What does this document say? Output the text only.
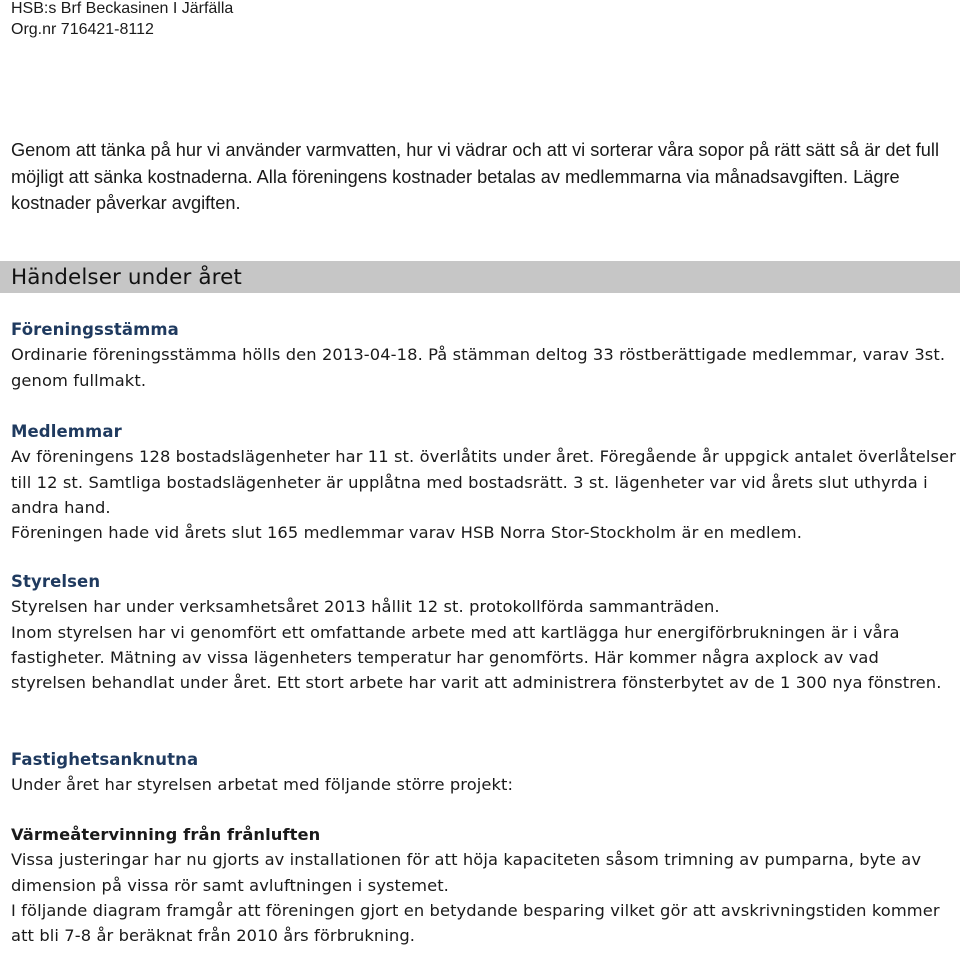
HSB:s Brf Beckasinen I Järfälla
Org.nr 716421-8112

Genom att tänka på hur vi använder varmvatten, hur vi vädrar och att vi sorterar våra sopor på rätt sätt så är det full möjligt att sänka kostnaderna. Alla föreningens kostnader betalas av medlemmarna via månadsavgiften. Lägre kostnader påverkar avgiften.

Händelser under året
Föreningsstämma

Ordinarie föreningsstämma hölls den 2013-04-18. På stämman deltog 33 röstberättigade medlemmar, varav 3st. genom fullmakt.

Medlemmar

Av föreningens 128 bostadslägenheter har 11 st. överlåtits under året. Föregående år uppgick antalet överlåtelser till 12 st. Samtliga bostadslägenheter är upplåtna med bostadsrätt. 3 st. lägenheter var vid årets slut uthyrda i andra hand.

Föreningen hade vid årets slut 165 medlemmar varav HSB Norra Stor-Stockholm är en medlem.

Styrelsen

Styrelsen har under verksamhetsåret 2013 hållit 12 st. protokollförda sammanträden.

Inom styrelsen har vi genomfört ett omfattande arbete med att kartlägga hur energiförbrukningen är i våra fastigheter. Mätning av vissa lägenheters temperatur har genomförts. Här kommer några axplock av vad styrelsen behandlat under året. Ett stort arbete har varit att administrera fönsterbytet av de 1 300 nya fönstren.

Fastighetsanknutna

Under året har styrelsen arbetat med följande större projekt:

Värmeåtervinning från frånluften

Vissa justeringar har nu gjorts av installationen för att höja kapaciteten såsom trimning av pumparna, byte av dimension på vissa rör samt avluftningen i systemet.

I följande diagram framgår att föreningen gjort en betydande besparing vilket gör att avskrivningstiden kommer att bli 7-8 år beräknat från 2010 års förbrukning.
